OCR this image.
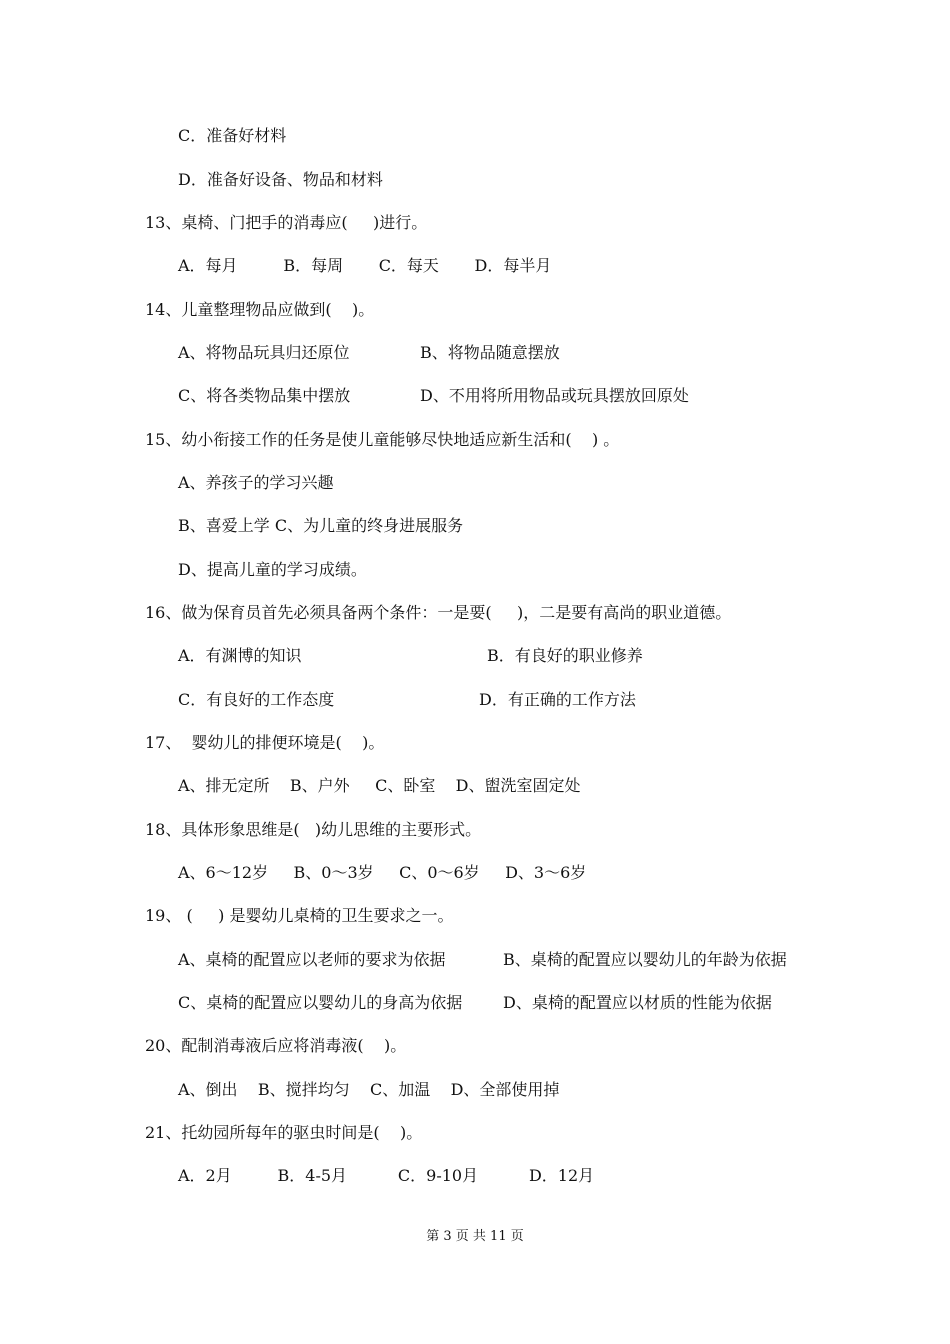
C．准备好材料
D．准备好设备、物品和材料
13、桌椅、门把手的消毒应(     )进行。
A．每月         B．每周       C．每天       D．每半月
14、儿童整理物品应做到(    )。
A、将物品玩具归还原位	B、将物品随意摆放
C、将各类物品集中摆放	D、不用将所用物品或玩具摆放回原处
15、幼小衔接工作的任务是使儿童能够尽快地适应新生活和(    ) 。
A、养孩子的学习兴趣
B、喜爱上学 C、为儿童的终身进展服务
D、提高儿童的学习成绩。
16、做为保育员首先必须具备两个条件：一是要(     )，二是要有高尚的职业道德。
A．有渊博的知识	B．有良好的职业修养
C．有良好的工作态度	D．有正确的工作方法
17、  婴幼儿的排便环境是(    )。
A、排无定所    B、户外     C、卧室    D、盥洗室固定处
18、具体形象思维是(   )幼儿思维的主要形式。
A、6～12岁     B、0～3岁     C、0～6岁     D、3～6岁
19、 (     ) 是婴幼儿桌椅的卫生要求之一。
A、桌椅的配置应以老师的要求为依据	B、桌椅的配置应以婴幼儿的年龄为依据
C、桌椅的配置应以婴幼儿的身高为依据	D、桌椅的配置应以材质的性能为依据
20、配制消毒液后应将消毒液(    )。
A、倒出    B、搅拌均匀    C、加温    D、全部使用掉
21、托幼园所每年的驱虫时间是(    )。
A．2月         B．4-5月          C．9-10月          D．12月
第 3 页 共 11 页
